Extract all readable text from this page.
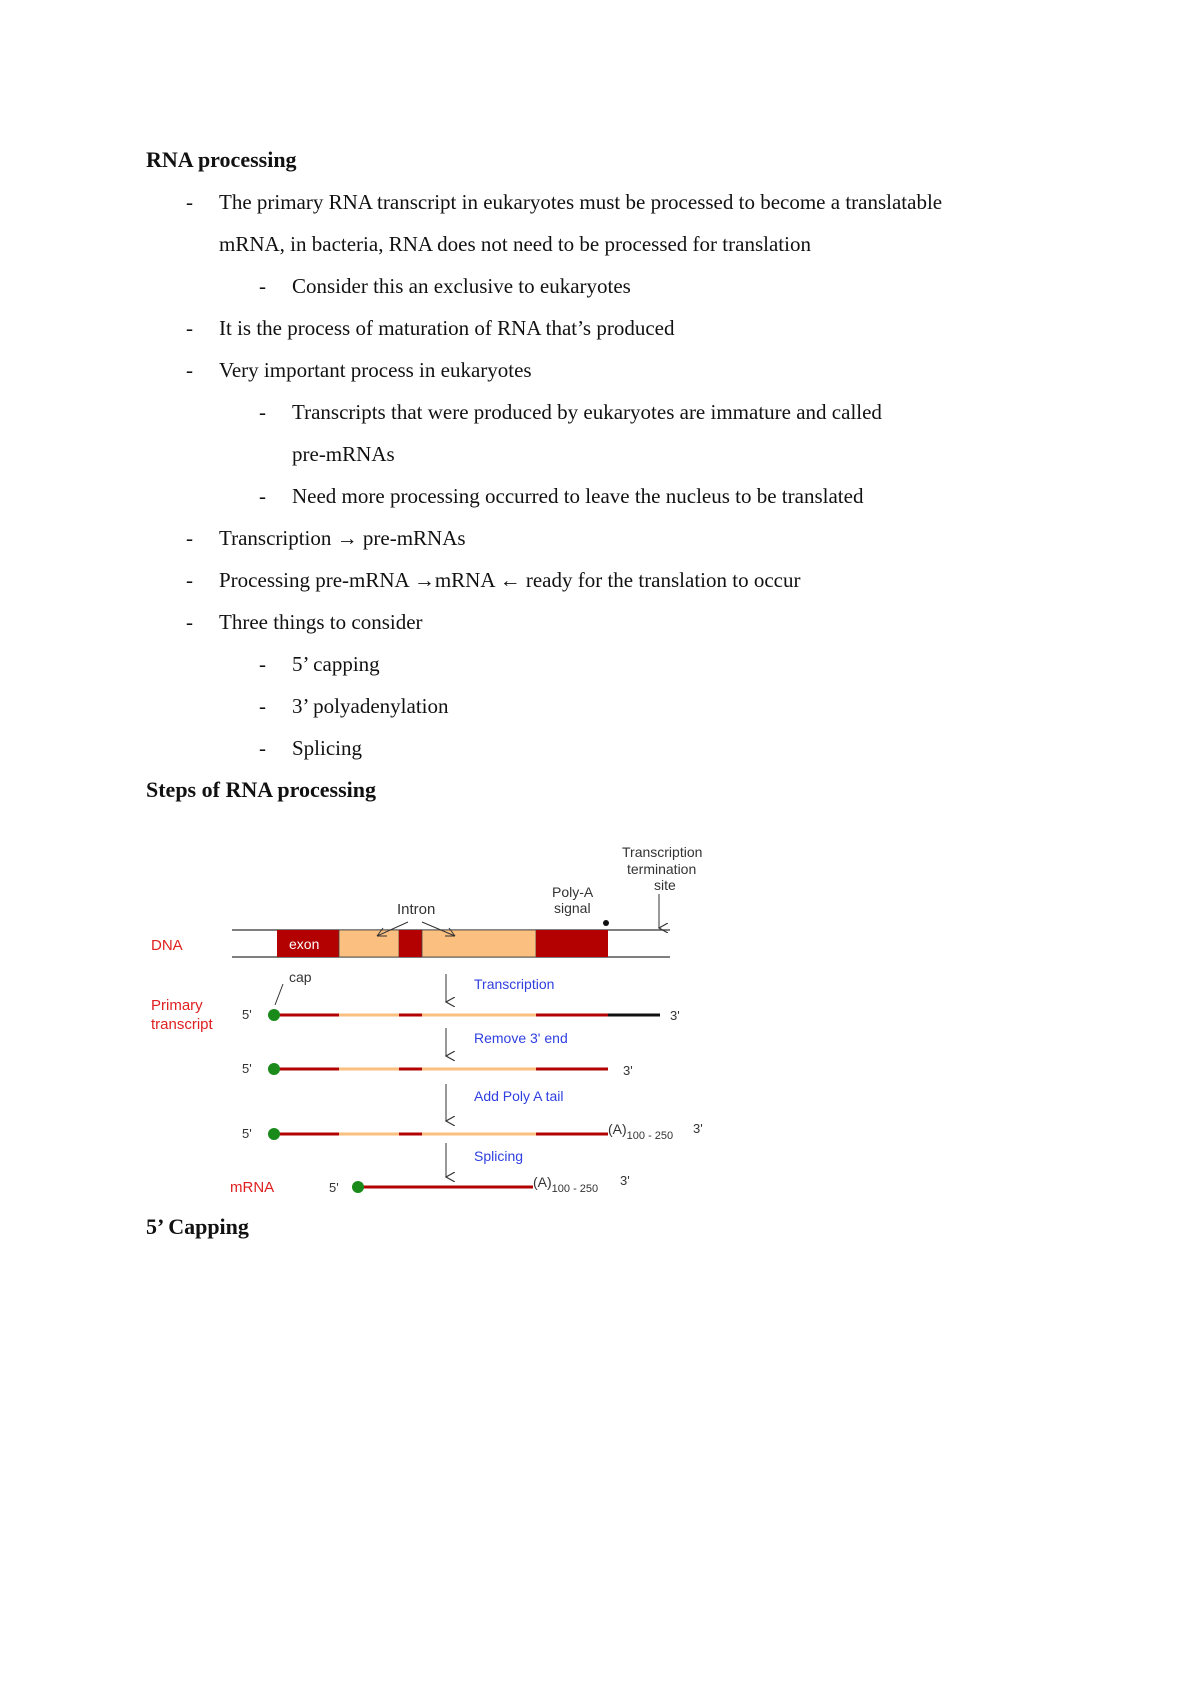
RNA processing
- The primary RNA transcript in eukaryotes must be processed to become a translatable
mRNA, in bacteria, RNA does not need to be processed for translation
- Consider this an exclusive to eukaryotes
- It is the process of maturation of RNA that’s produced
- Very important process in eukaryotes
- Transcripts that were produced by eukaryotes are immature and called
pre-mRNAs
- Need more processing occurred to leave the nucleus to be translated
- Transcription → pre-mRNAs
- Processing pre-mRNA →mRNA ← ready for the translation to occur
- Three things to consider
- 5’ capping
- 3’ polyadenylation
- Splicing
Steps of RNA processing
DNA	exon
Intron
Poly-A
signal
Transcription
termination
site
Primary
transcript
cap
5'	3'
Transcription
5'	3'
Remove 3' end
5'	$(A)_{100 - 250}$ 3'
Add Poly A tail
mRNA	5'	$(A)_{100 - 250}$
3'
Splicing
5’ Capping
